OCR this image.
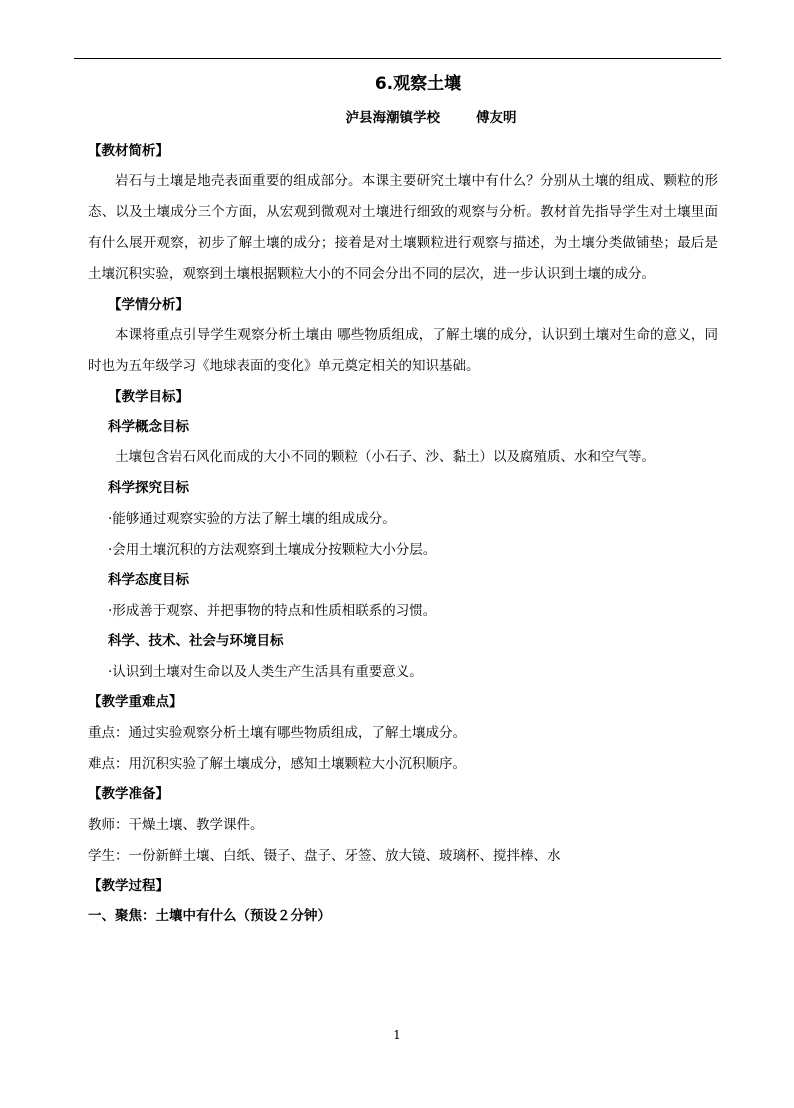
6.观察土壤

泸县海潮镇学校	傅友明

【教材简析】

岩石与土壤是地壳表面重要的组成部分。本课主要研究土壤中有什么？分别从土壤的组成、颗粒的形态、以及土壤成分三个方面，从宏观到微观对土壤进行细致的观察与分析。教材首先指导学生对土壤里面有什么展开观察，初步了解土壤的成分；接着是对土壤颗粒进行观察与描述，为土壤分类做铺垫；最后是土壤沉积实验，观察到土壤根据颗粒大小的不同会分出不同的层次，进一步认识到土壤的成分。

【学情分析】

本课将重点引导学生观察分析土壤由 哪些物质组成，了解土壤的成分，认识到土壤对生命的意义，同时也为五年级学习《地球表面的变化》单元奠定相关的知识基础。

【教学目标】

科学概念目标

土壤包含岩石风化而成的大小不同的颗粒（小石子、沙、黏土）以及腐殖质、水和空气等。

科学探究目标

·能够通过观察实验的方法了解土壤的组成成分。

·会用土壤沉积的方法观察到土壤成分按颗粒大小分层。

科学态度目标

·形成善于观察、并把事物的特点和性质相联系的习惯。

科学、技术、社会与环境目标

·认识到土壤对生命以及人类生产生活具有重要意义。

【教学重难点】

重点：通过实验观察分析土壤有哪些物质组成，了解土壤成分。

难点：用沉积实验了解土壤成分，感知土壤颗粒大小沉积顺序。

【教学准备】

教师：干燥土壤、教学课件。

学生：一份新鲜土壤、白纸、镊子、盘子、牙签、放大镜、玻璃杯、搅拌棒、水

【教学过程】

一、聚焦：土壤中有什么（预设２分钟）

1
